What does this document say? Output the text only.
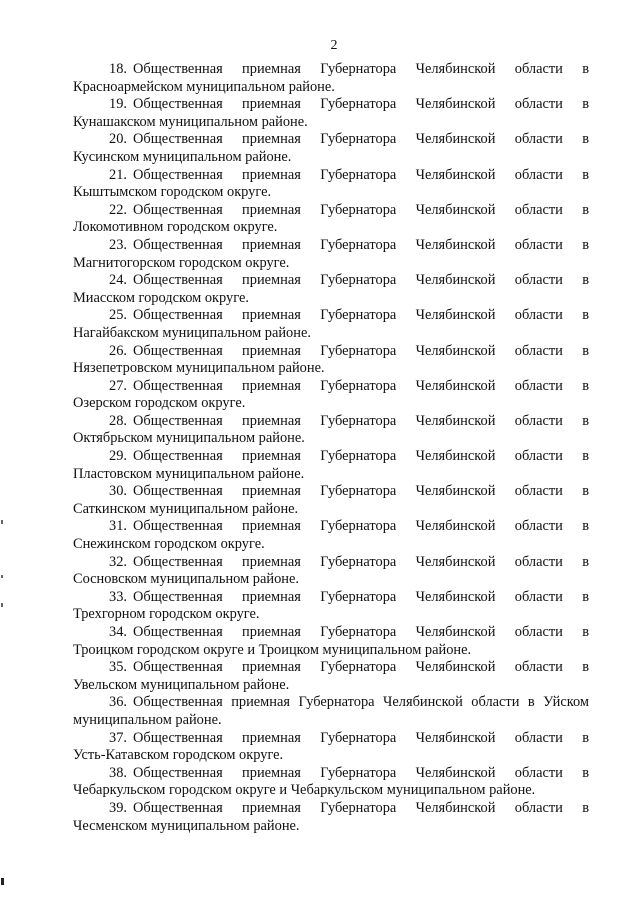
2

18. Общественная приемная Губернатора Челябинской области в
Красноармейском муниципальном районе.

19. Общественная приемная Губернатора Челябинской области в
Кунашакском муниципальном районе.

20. Общественная приемная Губернатора Челябинской области в
Кусинском муниципальном районе.

21. Общественная приемная Губернатора Челябинской области в
Кыштымском городском округе.

22. Общественная приемная Губернатора Челябинской области в
Локомотивном городском округе.

23. Общественная приемная Губернатора Челябинской области в
Магнитогорском городском округе.

24. Общественная приемная Губернатора Челябинской области в
Миасском городском округе.

25. Общественная приемная Губернатора Челябинской области в
Нагайбакском муниципальном районе.

26. Общественная приемная Губернатора Челябинской области в
Нязепетровском муниципальном районе.

27. Общественная приемная Губернатора Челябинской области в
Озерском городском округе.

28. Общественная приемная Губернатора Челябинской области в
Октябрьском муниципальном районе.

29. Общественная приемная Губернатора Челябинской области в
Пластовском муниципальном районе.

30. Общественная приемная Губернатора Челябинской области в
Саткинском муниципальном районе.

31. Общественная приемная Губернатора Челябинской области в
Снежинском городском округе.

32. Общественная приемная Губернатора Челябинской области в
Сосновском муниципальном районе.

33. Общественная приемная Губернатора Челябинской области в
Трехгорном городском округе.

34. Общественная приемная Губернатора Челябинской области в
Троицком городском округе и Троицком муниципальном районе.

35. Общественная приемная Губернатора Челябинской области в
Увельском муниципальном районе.

36. Общественная приемная Губернатора Челябинской области в Уйском муниципальном районе.

37. Общественная приемная Губернатора Челябинской области в
Усть-Катавском городском округе.

38. Общественная приемная Губернатора Челябинской области в
Чебаркульском городском округе и Чебаркульском муниципальном районе.

39. Общественная приемная Губернатора Челябинской области в
Чесменском муниципальном районе.
